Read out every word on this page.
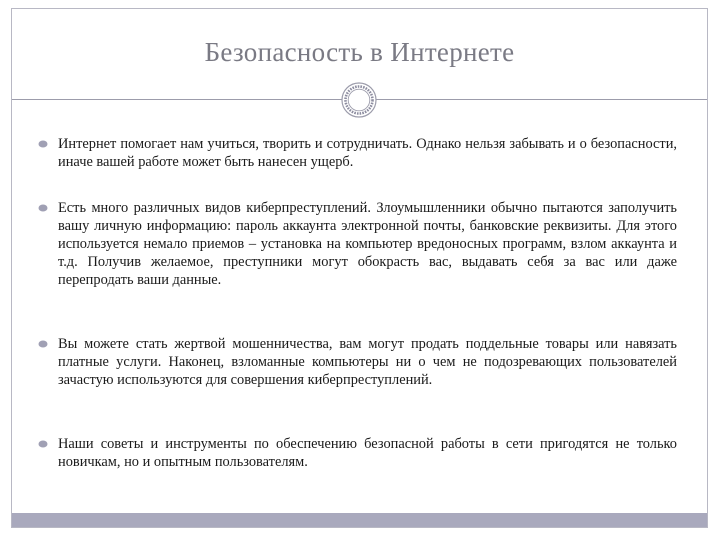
Безопасность в Интернете
Интернет помогает нам учиться, творить и сотрудничать. Однако нельзя забывать и о безопасности, иначе вашей работе может быть нанесен ущерб.
Есть много различных видов киберпреступлений. Злоумышленники обычно пытаются заполучить вашу личную информацию: пароль аккаунта электронной почты, банковские реквизиты. Для этого используется немало приемов – установка на компьютер вредоносных программ, взлом аккаунта и т.д. Получив желаемое, преступники могут обокрасть вас, выдавать себя за вас или даже перепродать ваши данные.
Вы можете стать жертвой мошенничества, вам могут продать поддельные товары или навязать платные услуги. Наконец, взломанные компьютеры ни о чем не подозревающих пользователей зачастую используются для совершения киберпреступлений.
Наши советы и инструменты по обеспечению безопасной работы в сети пригодятся не только новичкам, но и опытным пользователям.
